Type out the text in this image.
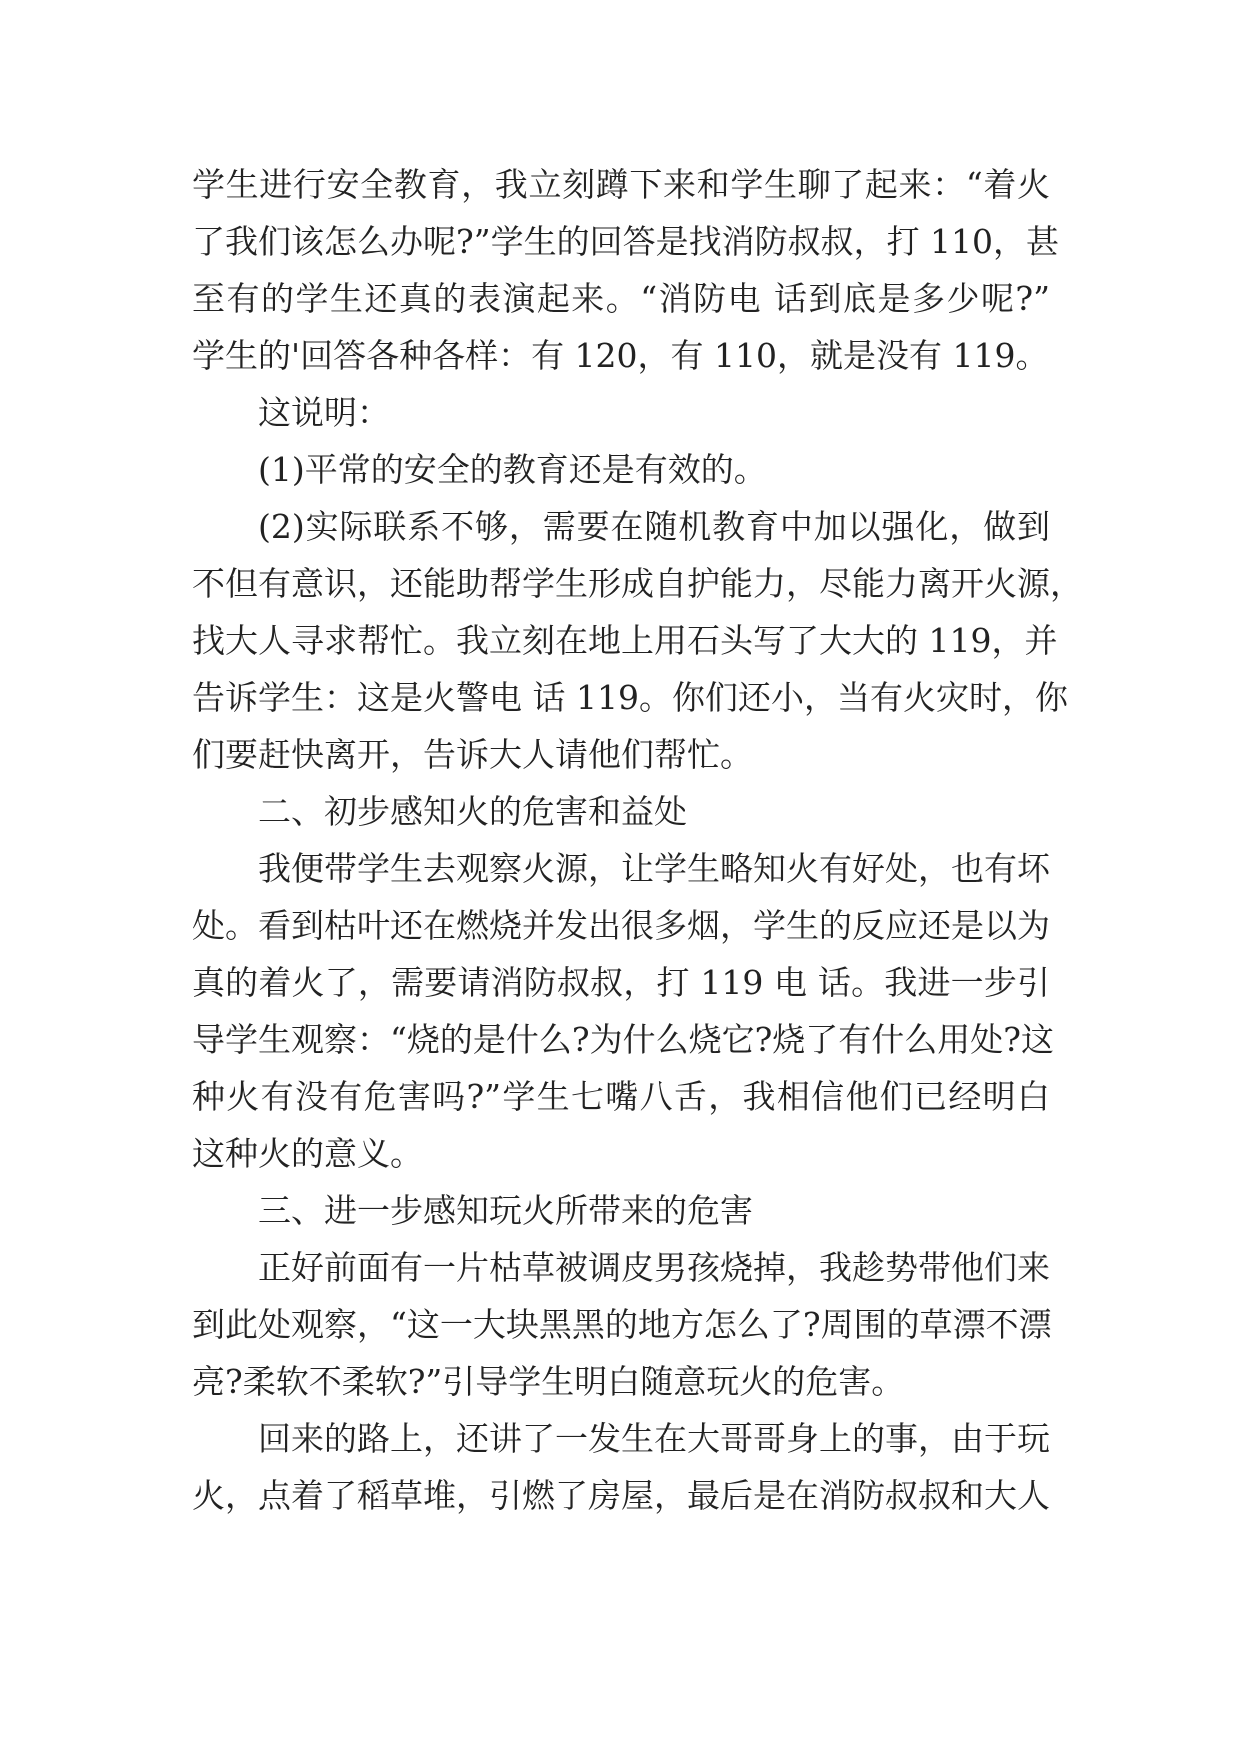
学生进行安全教育，我立刻蹲下来和学生聊了起来：“着火
了我们该怎么办呢?”学生的回答是找消防叔叔，打 110，甚
至有的学生还真的表演起来。“消防电 话到底是多少呢?”
学生的'回答各种各样：有 120，有 110，就是没有 119。
这说明：
(1)平常的安全的教育还是有效的。
(2)实际联系不够，需要在随机教育中加以强化，做到
不但有意识，还能助帮学生形成自护能力，尽能力离开火源，
找大人寻求帮忙。我立刻在地上用石头写了大大的 119，并
告诉学生：这是火警电 话 119。你们还小，当有火灾时，你
们要赶快离开，告诉大人请他们帮忙。
二、初步感知火的危害和益处
我便带学生去观察火源，让学生略知火有好处，也有坏
处。看到枯叶还在燃烧并发出很多烟，学生的反应还是以为
真的着火了，需要请消防叔叔，打 119 电 话。我进一步引
导学生观察：“烧的是什么?为什么烧它?烧了有什么用处?这
种火有没有危害吗?”学生七嘴八舌，我相信他们已经明白
这种火的意义。
三、进一步感知玩火所带来的危害
正好前面有一片枯草被调皮男孩烧掉，我趁势带他们来
到此处观察，“这一大块黑黑的地方怎么了?周围的草漂不漂
亮?柔软不柔软?”引导学生明白随意玩火的危害。
回来的路上，还讲了一发生在大哥哥身上的事，由于玩
火，点着了稻草堆，引燃了房屋，最后是在消防叔叔和大人
